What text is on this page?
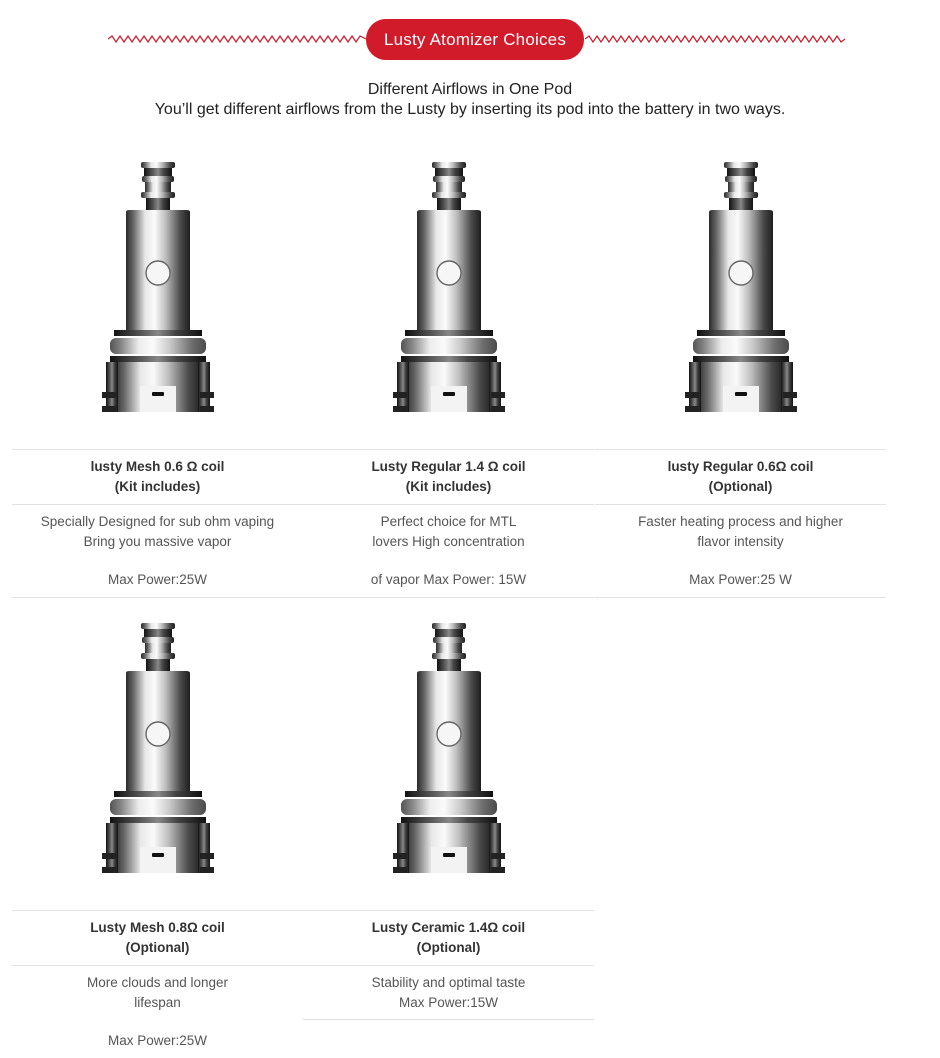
Lusty Atomizer Choices
Different Airflows in One Pod
You’ll get different airflows from the Lusty by inserting its pod into the battery in two ways.
lusty Mesh 0.6 Ω coil
(Kit includes)
Specially Designed for sub ohm vaping
Bring you massive vapor
Max Power:25W
Lusty Regular 1.4 Ω coil
(Kit includes)
Perfect choice for MTL
lovers High concentration
of vapor Max Power: 15W
lusty Regular 0.6Ω coil
(Optional)
Faster heating process and higher
flavor intensity
Max Power:25 W
Lusty Mesh 0.8Ω coil
(Optional)
More clouds and longer
lifespan
Max Power:25W
Lusty Ceramic 1.4Ω coil
(Optional)
Stability and optimal taste
Max Power:15W
